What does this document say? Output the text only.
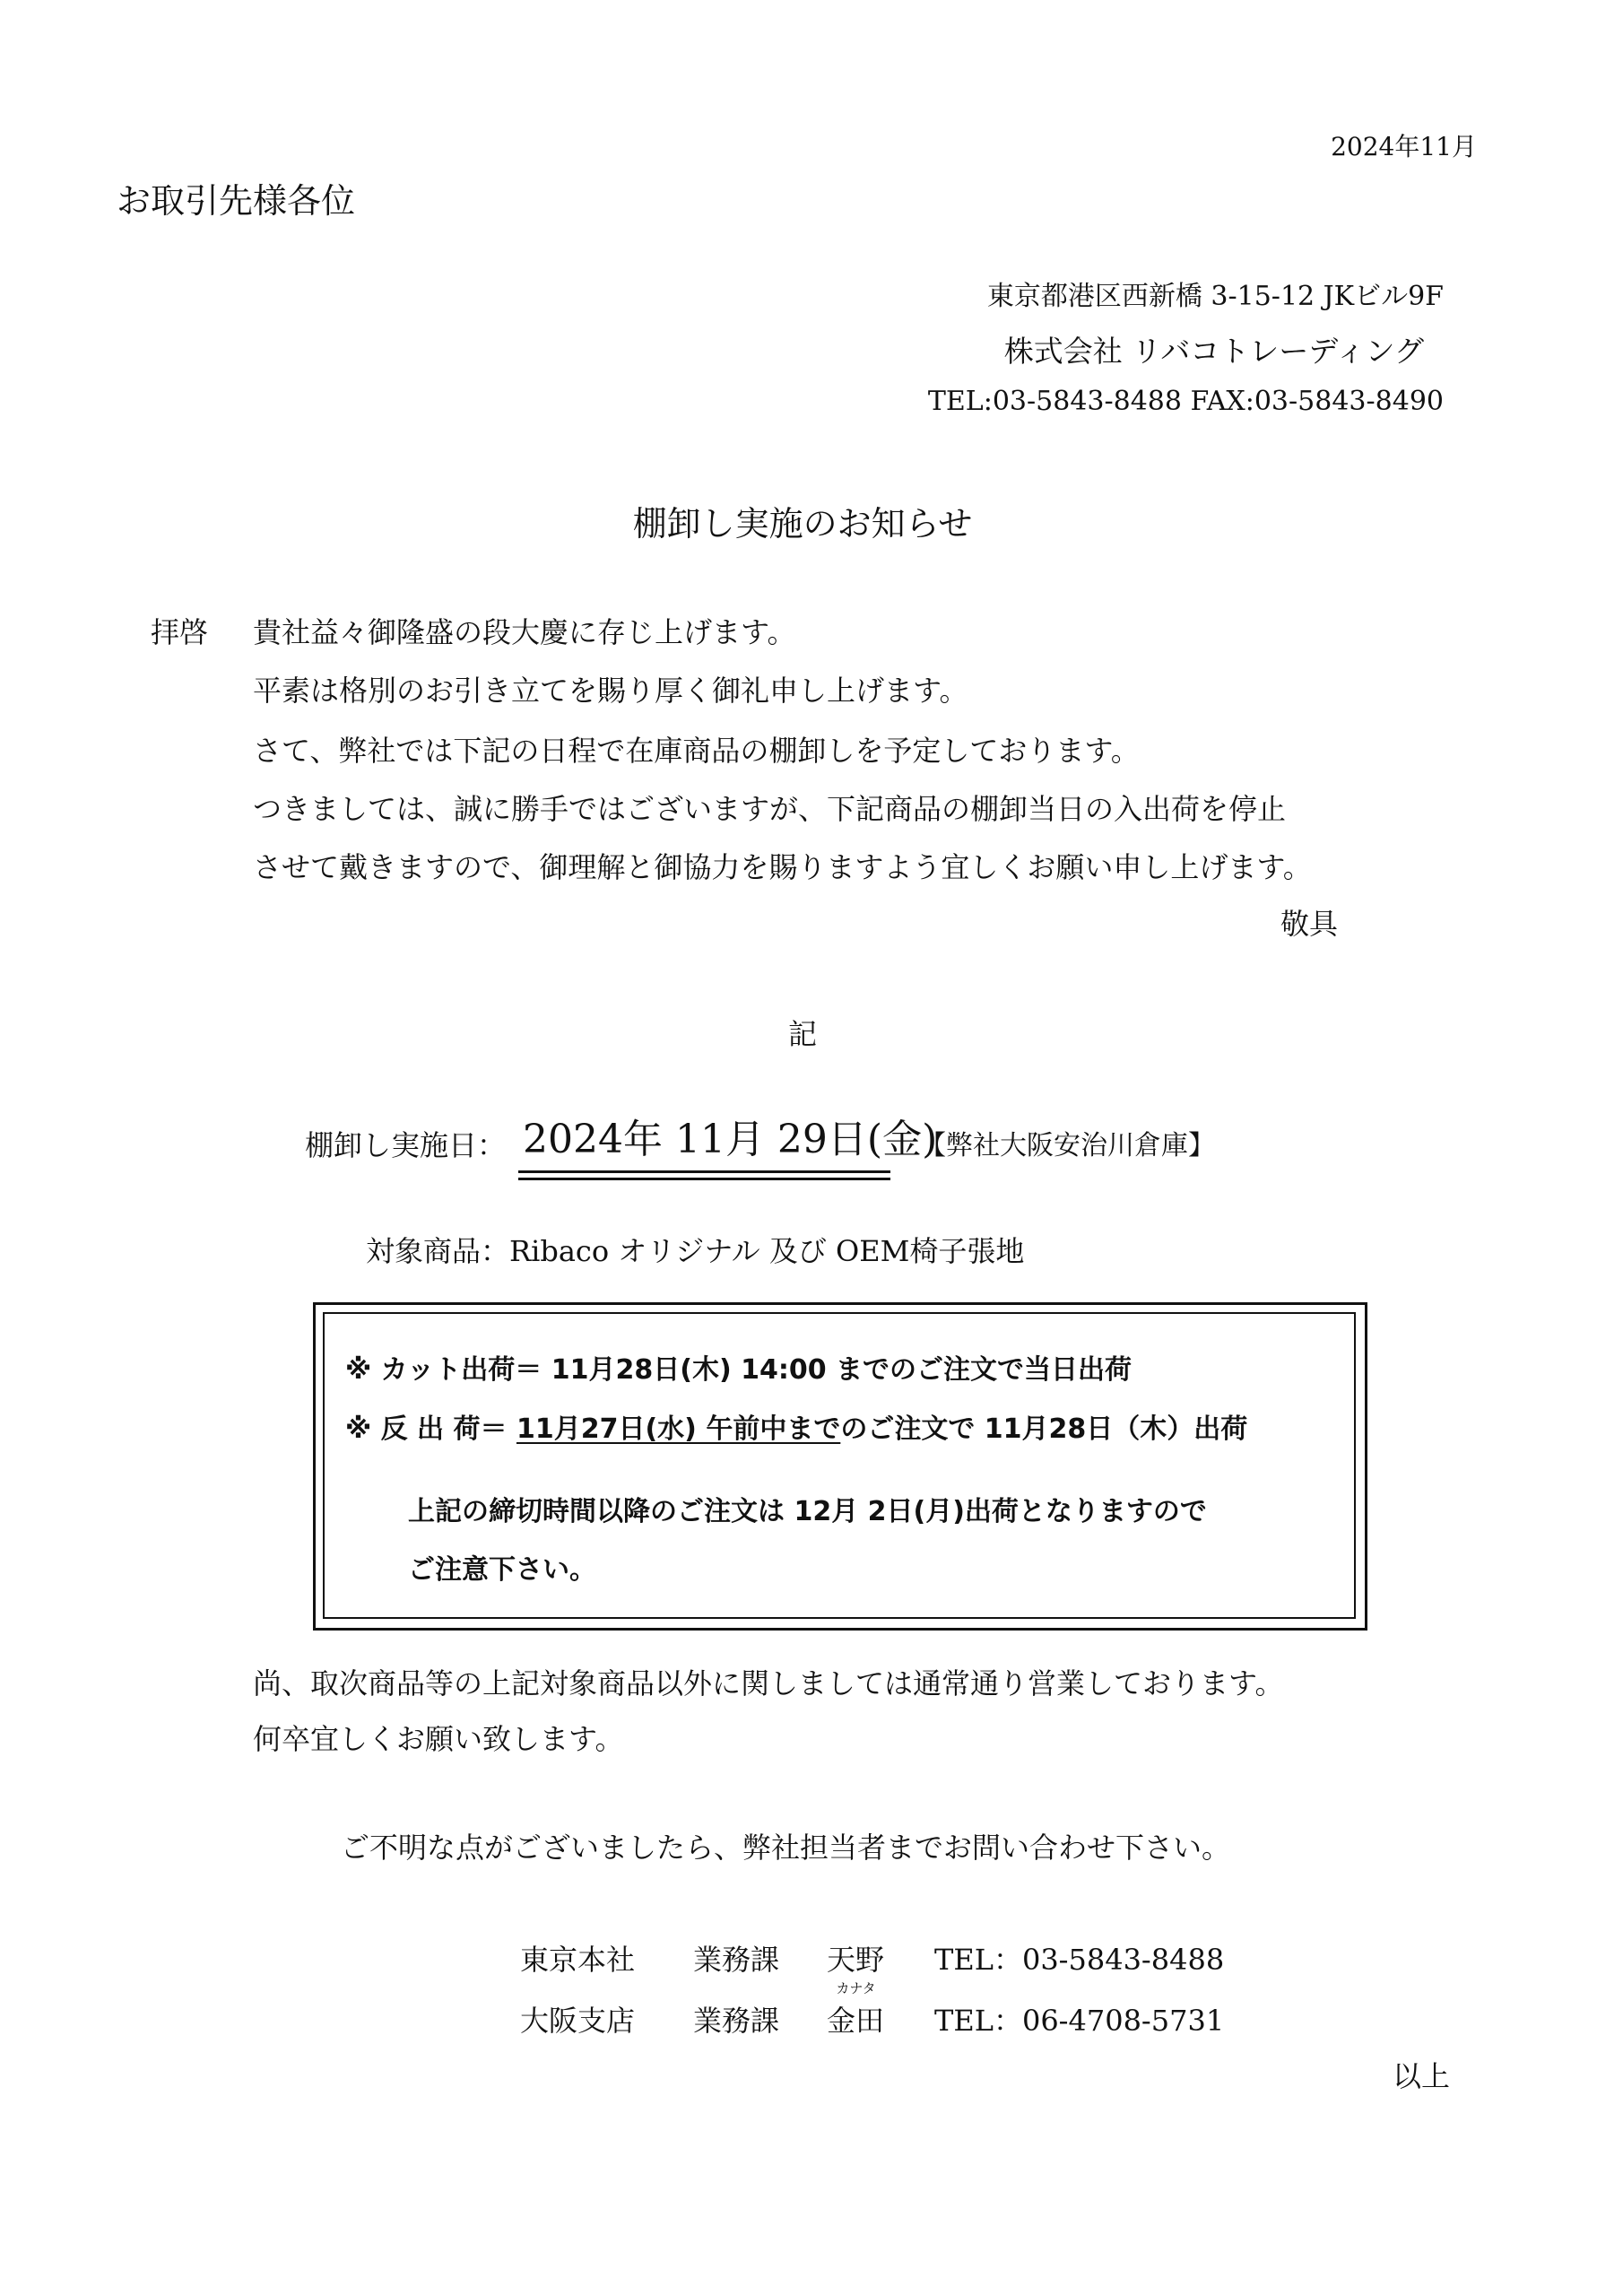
2024年11月
お取引先様各位
東京都港区西新橋 3-15-12 JKビル9F
株式会社 リバコトレーディング
TEL:03-5843-8488 FAX:03-5843-8490
棚卸し実施のお知らせ
拝啓 貴社益々御隆盛の段大慶に存じ上げます。
平素は格別のお引き立てを賜り厚く御礼申し上げます。
さて、弊社では下記の日程で在庫商品の棚卸しを予定しております。
つきましては、誠に勝手ではございますが、下記商品の棚卸当日の入出荷を停止
させて戴きますので、御理解と御協力を賜りますよう宜しくお願い申し上げます。
敬具
記
棚卸し実施日： 2024年 11月 29日(金)
【弊社大阪安治川倉庫】
対象商品：Ribaco オリジナル 及び OEM椅子張地
※ カット出荷＝ 11月28日(木) 14:00 までのご注文で当日出荷
※ 反 出 荷＝ 11月27日(水) 午前中までのご注文で 11月28日（木）出荷
上記の締切時間以降のご注文は 12月 2日(月)出荷となりますので
ご注意下さい。
尚、取次商品等の上記対象商品以外に関しましては通常通り営業しております。
何卒宜しくお願い致します。
ご不明な点がございましたら、弊社担当者までお問い合わせ下さい。
東京本社 業務課 天野 TEL：03-5843-8488
大阪支店 業務課
カナタ
金田 TEL：06-4708-5731
以上
